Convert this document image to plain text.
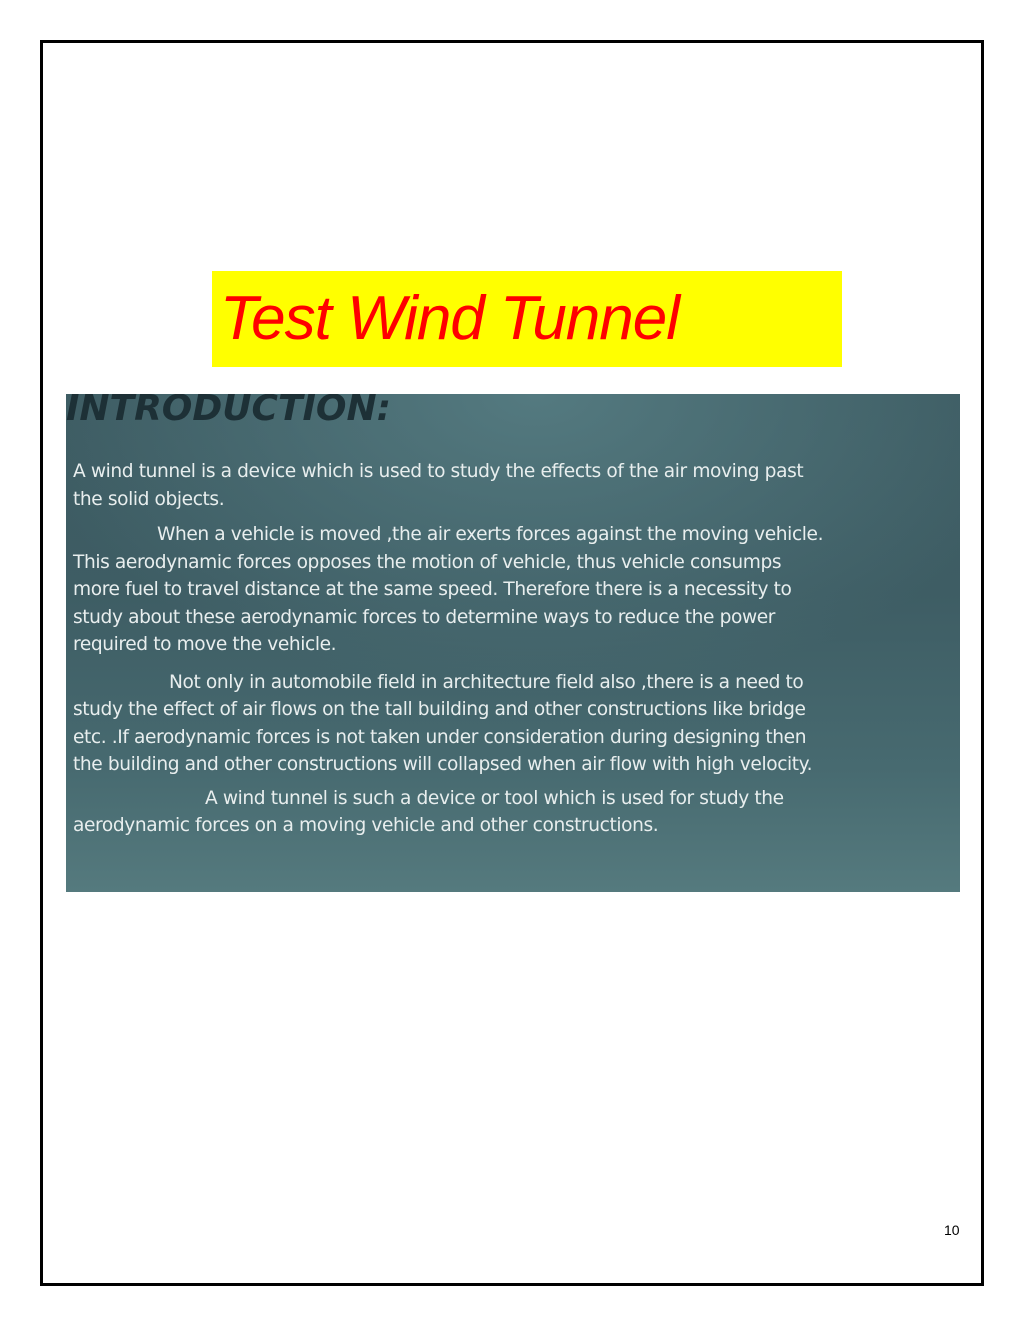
Test Wind Tunnel
INTRODUCTION:

A wind tunnel is a device which is used to study the effects of the air moving past

the solid objects.

When a vehicle is moved ,the air exerts forces against the moving vehicle.

This aerodynamic forces opposes the motion of vehicle, thus vehicle consumps

more fuel to travel distance at the same speed. Therefore there is a necessity to

study about these aerodynamic forces to determine ways to reduce the power

required to move the vehicle.

Not only in automobile field in architecture field also ,there is a need to

study the effect of air flows on the tall building and other constructions like bridge

etc. .If aerodynamic forces is not taken under consideration during designing then

the building and other constructions will collapsed when air flow with high velocity.

A wind tunnel is such a device or tool which is used for study the

aerodynamic forces on a moving vehicle and other constructions.

10
